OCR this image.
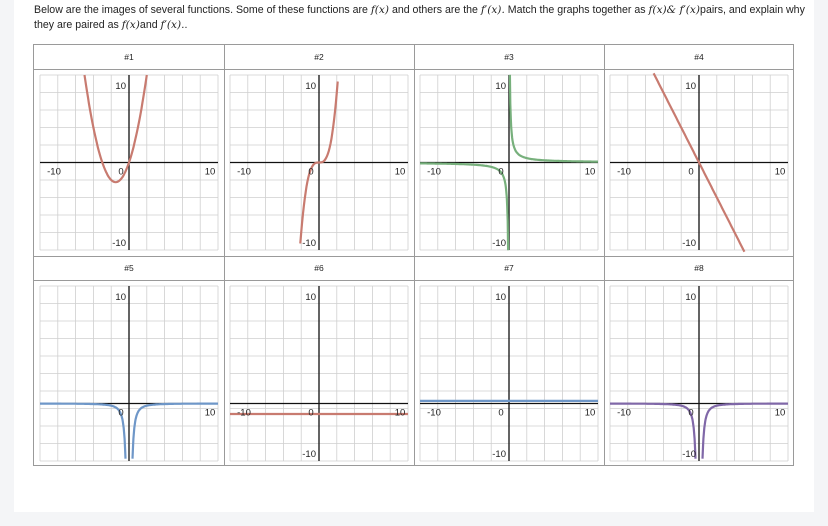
Below are the images of several functions. Some of these functions are f(x) and others are the f′(x). Match the graphs together as f(x)& f′(x)pairs, and explain why
they are paired as f(x)and f′(x)..
#1
10
-10
-10	10
0
#2
10
-10
-10	10
0
#3
10
-10
-10	10
0
#4
10
-10
-10	10
0
#5
10
10
0
#6
10
-10
-10	10
0
#7
10
-10
-10	10
0
#8
10
-10
-10	10
0
